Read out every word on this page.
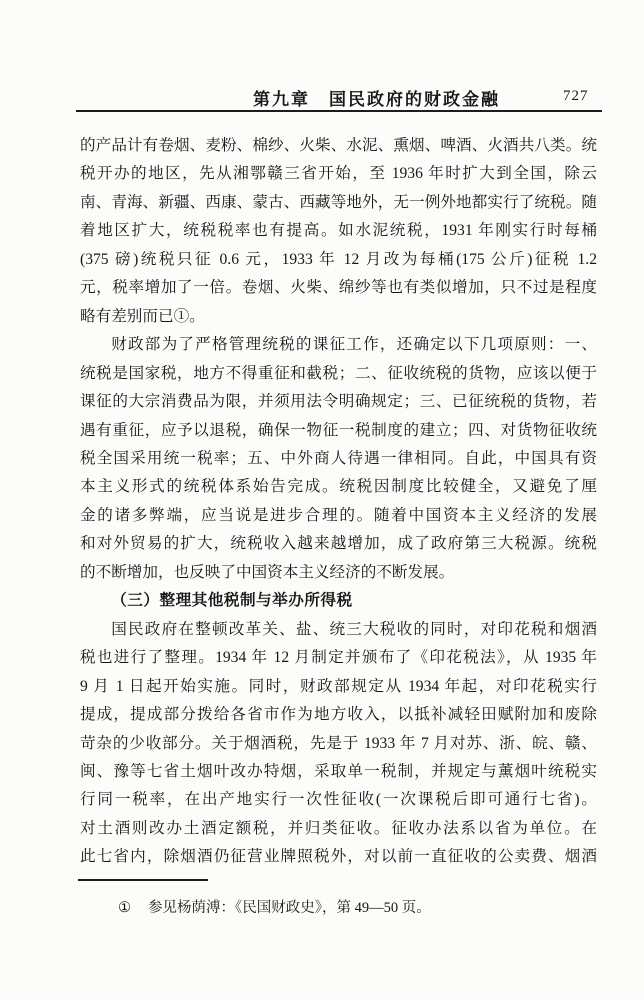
第九章　国民政府的财政金融	727
的产品计有卷烟、麦粉、棉纱、火柴、水泥、熏烟、啤酒、火酒共八类。统
税开办的地区，先从湘鄂赣三省开始，至 1936 年时扩大到全国，除云
南、青海、新疆、西康、蒙古、西藏等地外，无一例外地都实行了统税。随
着地区扩大，统税税率也有提高。如水泥统税，1931 年刚实行时每桶
(375 磅)统税只征 0.6 元，1933 年 12 月改为每桶(175 公斤)征税 1.2
元，税率增加了一倍。卷烟、火柴、绵纱等也有类似增加，只不过是程度
略有差别而已①。
财政部为了严格管理统税的课征工作，还确定以下几项原则：一、
统税是国家税，地方不得重征和截税；二、征收统税的货物，应该以便于
课征的大宗消费品为限，并须用法令明确规定；三、已征统税的货物，若
遇有重征，应予以退税，确保一物征一税制度的建立；四、对货物征收统
税全国采用统一税率；五、中外商人待遇一律相同。自此，中国具有资
本主义形式的统税体系始告完成。统税因制度比较健全，又避免了厘
金的诸多弊端，应当说是进步合理的。随着中国资本主义经济的发展
和对外贸易的扩大，统税收入越来越增加，成了政府第三大税源。统税
的不断增加，也反映了中国资本主义经济的不断发展。
（三）整理其他税制与举办所得税
国民政府在整顿改革关、盐、统三大税收的同时，对印花税和烟酒
税也进行了整理。1934 年 12 月制定并颁布了《印花税法》，从 1935 年
9 月 1 日起开始实施。同时，财政部规定从 1934 年起，对印花税实行
提成，提成部分拨给各省市作为地方收入，以抵补减轻田赋附加和废除
苛杂的少收部分。关于烟酒税，先是于 1933 年 7 月对苏、浙、皖、赣、
闽、豫等七省土烟叶改办特烟，采取单一税制，并规定与薰烟叶统税实
行同一税率，在出产地实行一次性征收(一次课税后即可通行七省)。
对土酒则改办土酒定额税，并归类征收。征收办法系以省为单位。在
此七省内，除烟酒仍征营业牌照税外，对以前一直征收的公卖费、烟酒
① 参见杨荫溥：《民国财政史》，第 49—50 页。
